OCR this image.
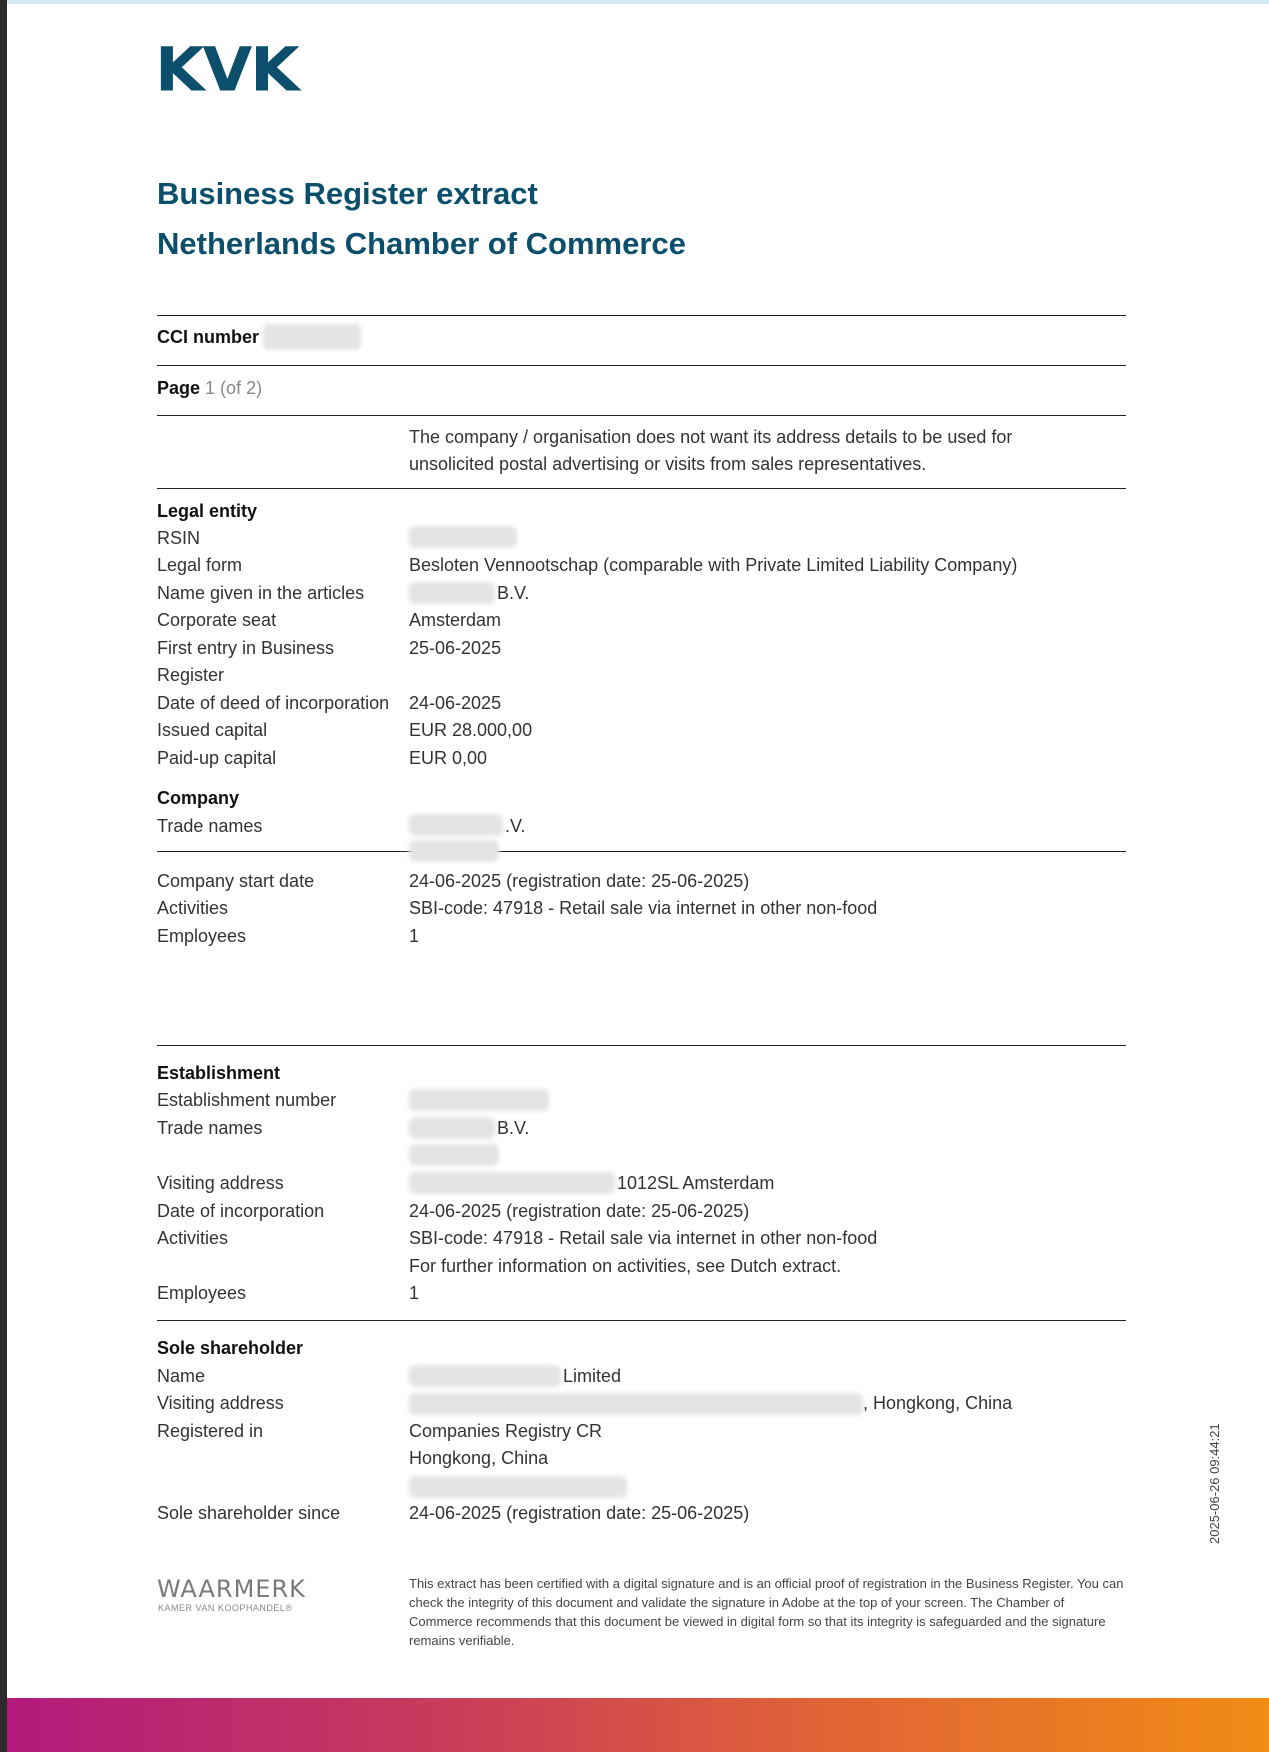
KVK
Business Register extract
Netherlands Chamber of Commerce
CCI number
Page 1 (of 2)
The company / organisation does not want its address details to be used for
unsolicited postal advertising or visits from sales representatives.
Legal entity
RSIN
Legal form	Besloten Vennootschap (comparable with Private Limited Liability Company)
Name given in the articles	B.V.
Corporate seat	Amsterdam
First entry in Business	25-06-2025
Register
Date of deed of incorporation 24-06-2025
Issued capital	EUR 28.000,00
Paid-up capital	EUR 0,00
Company
Trade names	.V.
Company start date	24-06-2025 (registration date: 25-06-2025)
Activities	SBI-code: 47918 - Retail sale via internet in other non-food
Employees	1
Establishment
Establishment number
Trade names	B.V.
Visiting address	1012SL Amsterdam
Date of incorporation	24-06-2025 (registration date: 25-06-2025)
Activities	SBI-code: 47918 - Retail sale via internet in other non-food
For further information on activities, see Dutch extract.
Employees	1
Sole shareholder
Name	Limited
Visiting address	, Hongkong, China
Registered in	Companies Registry CR
Hongkong, China
Sole shareholder since	24-06-2025 (registration date: 25-06-2025)
WAARMERK
KAMER VAN KOOPHANDEL®
This extract has been certified with a digital signature and is an official proof of registration in the Business Register. You can check the integrity of this document and validate the signature in Adobe at the top of your screen. The Chamber of Commerce recommends that this document be viewed in digital form so that its integrity is safeguarded and the signature remains verifiable.
2025-06-26 09:44:21
